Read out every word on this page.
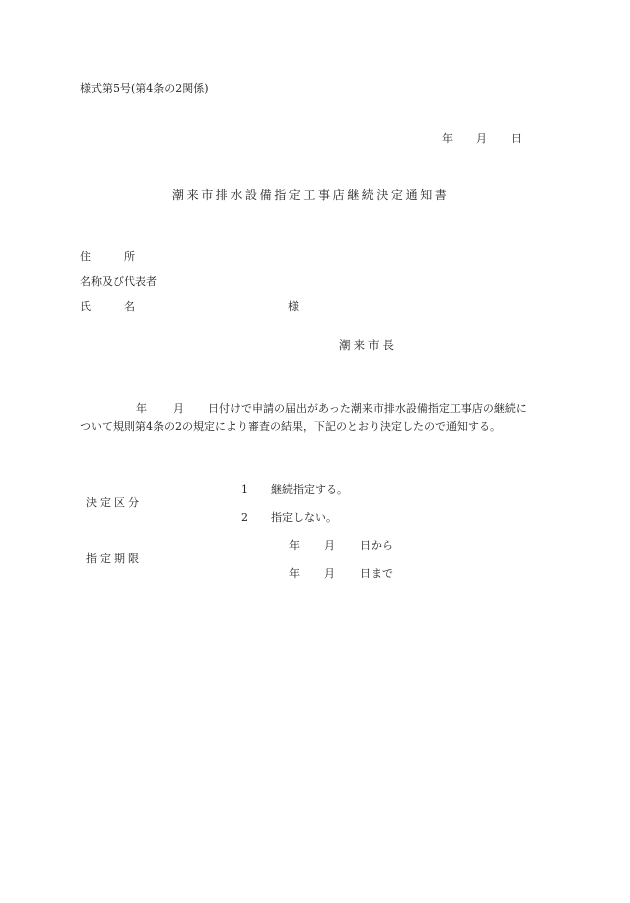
様式第5号(第4条の2関係)
年 月 日
潮来市排水設備指定工事店継続決定通知書
住　　　所
名称及び代表者
氏　　　名	様
潮来市長
年 月 日付けで申請の届出があった潮来市排水設備指定工事店の継続に
ついて規則第4条の2の規定により審査の結果，下記のとおり決定したので通知する。
決定区分
1 継続指定する。
2 指定しない。
指定期限
年 月 日から
年 月 日まで
